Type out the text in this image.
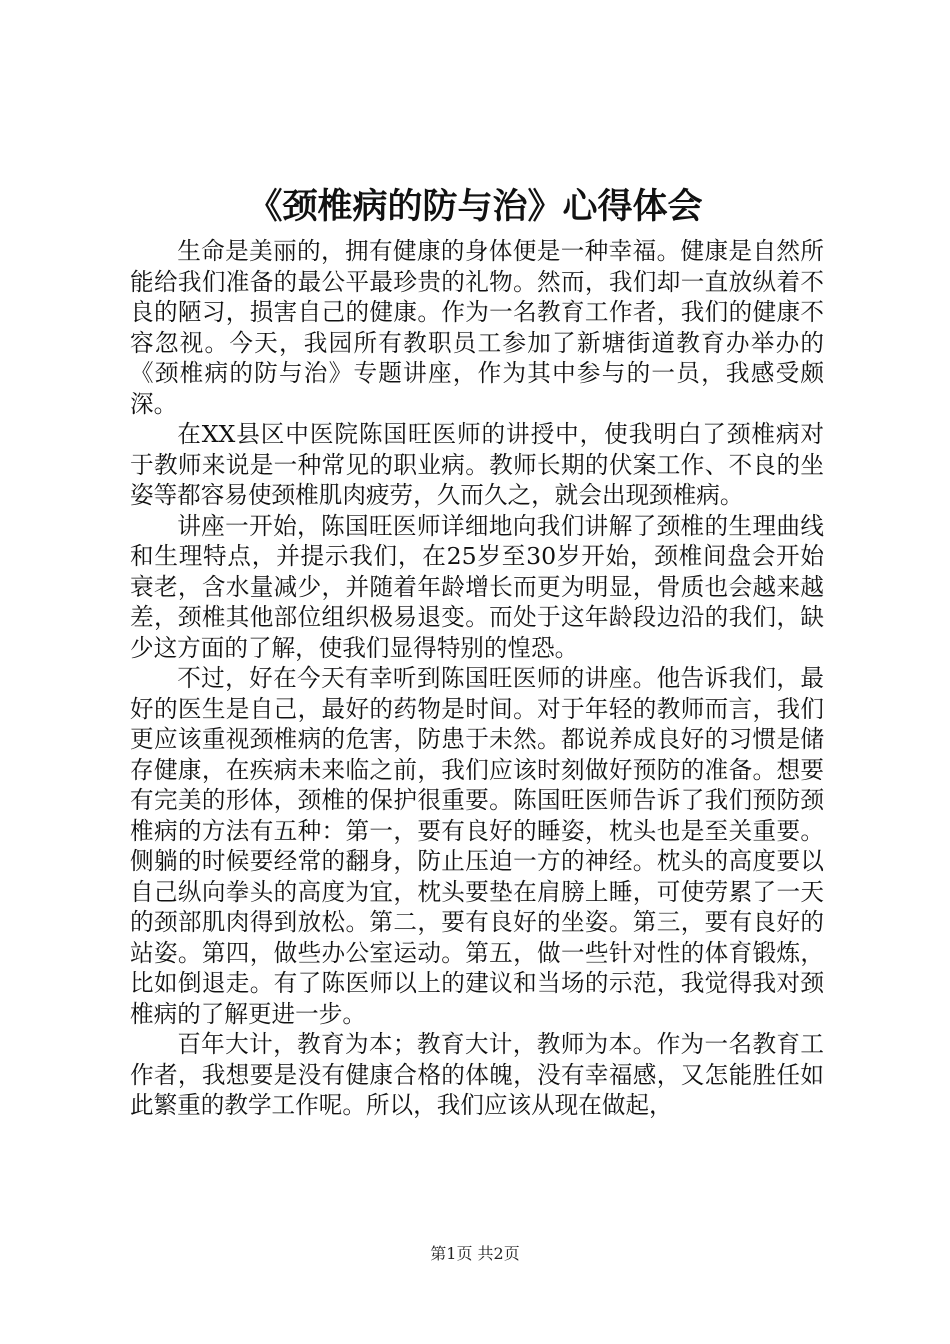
《颈椎病的防与治》心得体会

生命是美丽的，拥有健康的身体便是一种幸福。健康是自然所能给我们准备的最公平最珍贵的礼物。然而，我们却一直放纵着不良的陋习，损害自己的健康。作为一名教育工作者，我们的健康不容忽视。今天，我园所有教职员工参加了新塘街道教育办举办的《颈椎病的防与治》专题讲座，作为其中参与的一员，我感受颇深。

在XX县区中医院陈国旺医师的讲授中，使我明白了颈椎病对于教师来说是一种常见的职业病。教师长期的伏案工作、不良的坐姿等都容易使颈椎肌肉疲劳，久而久之，就会出现颈椎病。

讲座一开始，陈国旺医师详细地向我们讲解了颈椎的生理曲线和生理特点，并提示我们，在25岁至30岁开始，颈椎间盘会开始衰老，含水量减少，并随着年龄增长而更为明显，骨质也会越来越差，颈椎其他部位组织极易退变。而处于这年龄段边沿的我们，缺少这方面的了解，使我们显得特别的惶恐。

不过，好在今天有幸听到陈国旺医师的讲座。他告诉我们，最好的医生是自己，最好的药物是时间。对于年轻的教师而言，我们更应该重视颈椎病的危害，防患于未然。都说养成良好的习惯是储存健康，在疾病未来临之前，我们应该时刻做好预防的准备。想要有完美的形体，颈椎的保护很重要。陈国旺医师告诉了我们预防颈椎病的方法有五种：第一，要有良好的睡姿，枕头也是至关重要。侧躺的时候要经常的翻身，防止压迫一方的神经。枕头的高度要以自己纵向拳头的高度为宜，枕头要垫在肩膀上睡，可使劳累了一天的颈部肌肉得到放松。第二，要有良好的坐姿。第三，要有良好的站姿。第四，做些办公室运动。第五，做一些针对性的体育锻炼，比如倒退走。有了陈医师以上的建议和当场的示范，我觉得我对颈椎病的了解更进一步。

百年大计，教育为本；教育大计，教师为本。作为一名教育工作者，我想要是没有健康合格的体魄，没有幸福感，又怎能胜任如此繁重的教学工作呢。所以，我们应该从现在做起，

第1页 共2页
